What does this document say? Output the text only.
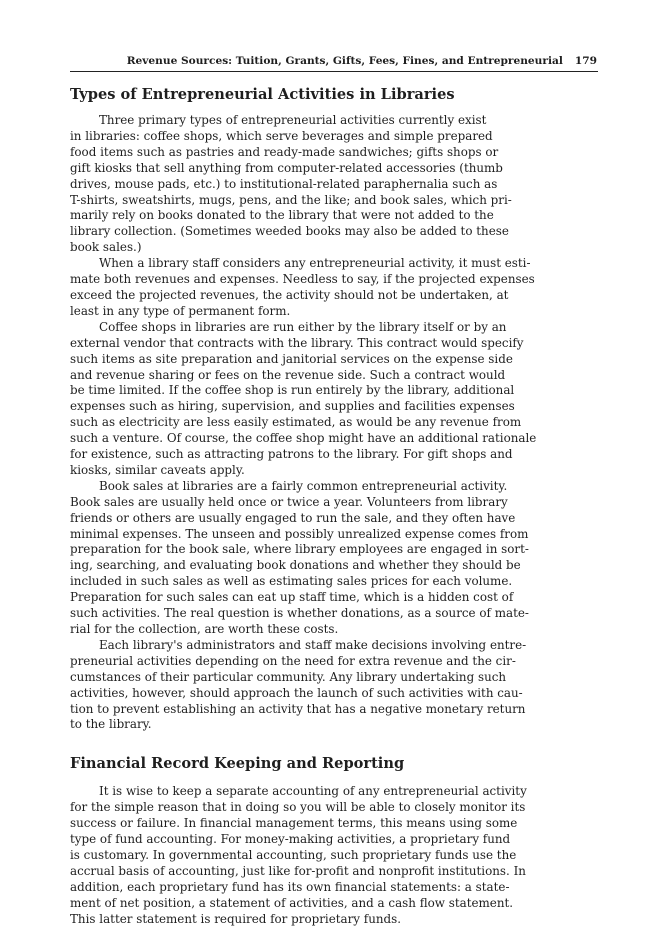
Revenue Sources: Tuition, Grants, Gifts, Fees, Fines, and Entrepreneurial 179
Types of Entrepreneurial Activities in Libraries

Three primary types of entrepreneurial activities currently exist
in libraries: coffee shops, which serve beverages and simple prepared
food items such as pastries and ready-made sandwiches; gifts shops or
gift kiosks that sell anything from computer-related accessories (thumb
drives, mouse pads, etc.) to institutional-related paraphernalia such as
T-shirts, sweatshirts, mugs, pens, and the like; and book sales, which pri-
marily rely on books donated to the library that were not added to the
library collection. (Sometimes weeded books may also be added to these
book sales.)

When a library staff considers any entrepreneurial activity, it must esti-
mate both revenues and expenses. Needless to say, if the projected expenses
exceed the projected revenues, the activity should not be undertaken, at
least in any type of permanent form.

Coffee shops in libraries are run either by the library itself or by an
external vendor that contracts with the library. This contract would specify
such items as site preparation and janitorial services on the expense side
and revenue sharing or fees on the revenue side. Such a contract would
be time limited. If the coffee shop is run entirely by the library, additional
expenses such as hiring, supervision, and supplies and facilities expenses
such as electricity are less easily estimated, as would be any revenue from
such a venture. Of course, the coffee shop might have an additional rationale
for existence, such as attracting patrons to the library. For gift shops and
kiosks, similar caveats apply.

Book sales at libraries are a fairly common entrepreneurial activity.
Book sales are usually held once or twice a year. Volunteers from library
friends or others are usually engaged to run the sale, and they often have
minimal expenses. The unseen and possibly unrealized expense comes from
preparation for the book sale, where library employees are engaged in sort-
ing, searching, and evaluating book donations and whether they should be
included in such sales as well as estimating sales prices for each volume.
Preparation for such sales can eat up staff time, which is a hidden cost of
such activities. The real question is whether donations, as a source of mate-
rial for the collection, are worth these costs.

Each library's administrators and staff make decisions involving entre-
preneurial activities depending on the need for extra revenue and the cir-
cumstances of their particular community. Any library undertaking such
activities, however, should approach the launch of such activities with cau-
tion to prevent establishing an activity that has a negative monetary return
to the library.

Financial Record Keeping and Reporting

It is wise to keep a separate accounting of any entrepreneurial activity
for the simple reason that in doing so you will be able to closely monitor its
success or failure. In financial management terms, this means using some
type of fund accounting. For money-making activities, a proprietary fund
is customary. In governmental accounting, such proprietary funds use the
accrual basis of accounting, just like for-profit and nonprofit institutions. In
addition, each proprietary fund has its own financial statements: a state-
ment of net position, a statement of activities, and a cash flow statement.
This latter statement is required for proprietary funds.
